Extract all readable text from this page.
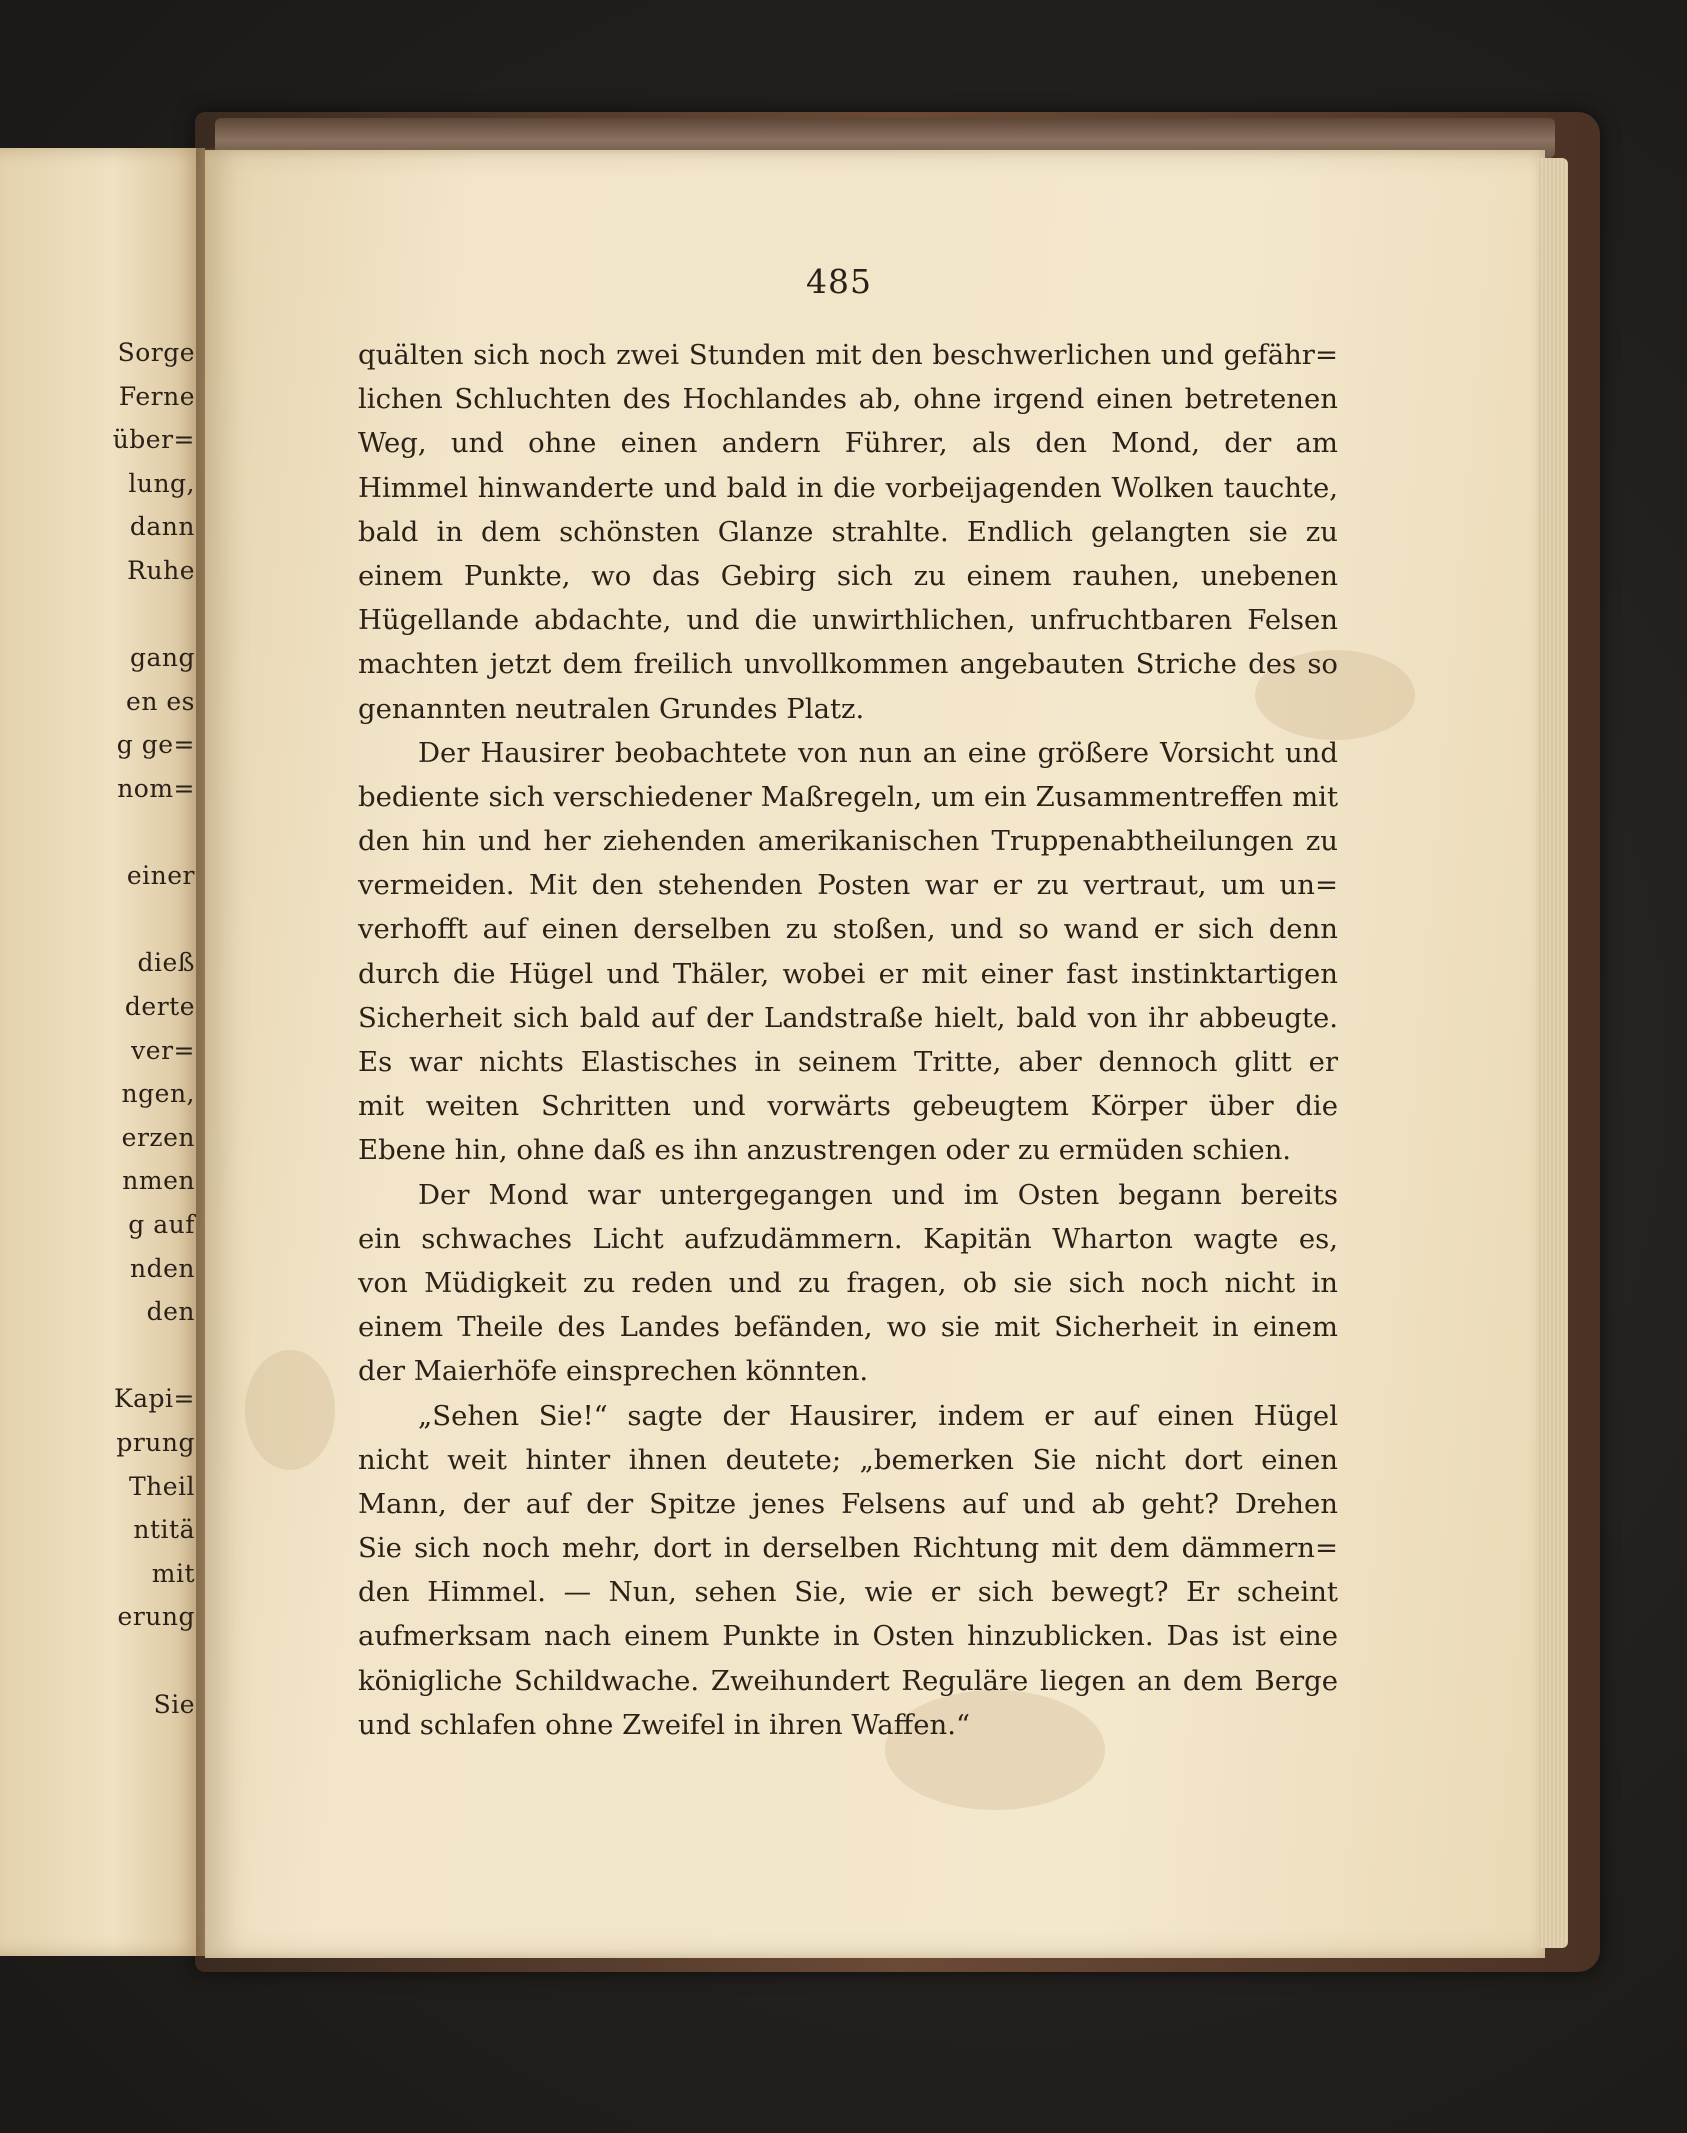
Sorge
Ferne
über=
lung,
dann
Ruhe
gang
en es
g ge=
nom=
einer
dieß
derte
ver=
ngen,
erzen
nmen
g auf
nden
den
Kapi=
prung
Theil
ntitä
mit
erung
Sie
485
quälten sich noch zwei Stunden mit den beschwerlichen und gefähr=
lichen Schluchten des Hochlandes ab, ohne irgend einen betretenen
Weg, und ohne einen andern Führer, als den Mond, der am
Himmel hinwanderte und bald in die vorbeijagenden Wolken tauchte,
bald in dem schönsten Glanze strahlte. Endlich gelangten sie zu
einem Punkte, wo das Gebirg sich zu einem rauhen, unebenen
Hügellande abdachte, und die unwirthlichen, unfruchtbaren Felsen
machten jetzt dem freilich unvollkommen angebauten Striche des so
genannten neutralen Grundes Platz.
Der Hausirer beobachtete von nun an eine größere Vorsicht und
bediente sich verschiedener Maßregeln, um ein Zusammentreffen mit
den hin und her ziehenden amerikanischen Truppenabtheilungen zu
vermeiden. Mit den stehenden Posten war er zu vertraut, um un=
verhofft auf einen derselben zu stoßen, und so wand er sich denn
durch die Hügel und Thäler, wobei er mit einer fast instinktartigen
Sicherheit sich bald auf der Landstraße hielt, bald von ihr abbeugte.
Es war nichts Elastisches in seinem Tritte, aber dennoch glitt er
mit weiten Schritten und vorwärts gebeugtem Körper über die
Ebene hin, ohne daß es ihn anzustrengen oder zu ermüden schien.
Der Mond war untergegangen und im Osten begann bereits
ein schwaches Licht aufzudämmern. Kapitän Wharton wagte es,
von Müdigkeit zu reden und zu fragen, ob sie sich noch nicht in
einem Theile des Landes befänden, wo sie mit Sicherheit in einem
der Maierhöfe einsprechen könnten.
„Sehen Sie!“ sagte der Hausirer, indem er auf einen Hügel
nicht weit hinter ihnen deutete; „bemerken Sie nicht dort einen
Mann, der auf der Spitze jenes Felsens auf und ab geht? Drehen
Sie sich noch mehr, dort in derselben Richtung mit dem dämmern=
den Himmel. — Nun, sehen Sie, wie er sich bewegt? Er scheint
aufmerksam nach einem Punkte in Osten hinzublicken. Das ist eine
königliche Schildwache. Zweihundert Reguläre liegen an dem Berge
und schlafen ohne Zweifel in ihren Waffen.“
